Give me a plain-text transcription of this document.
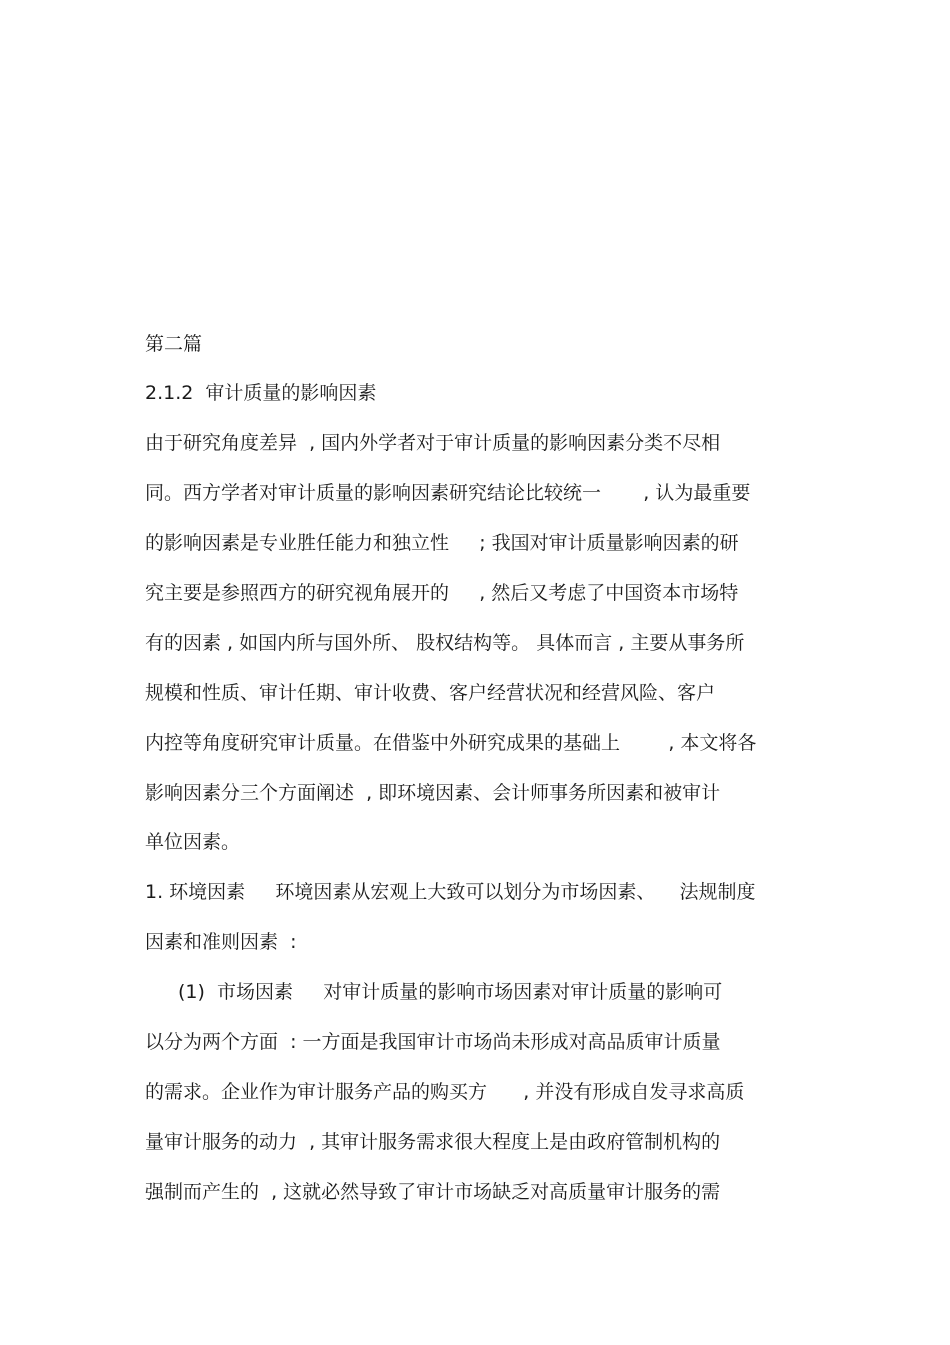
第二篇
2.1.2  审计质量的影响因素
由于研究角度差异  , 国内外学者对于审计质量的影响因素分类不尽相
同。西方学者对审计质量的影响因素研究结论比较统一       , 认为最重要
的影响因素是专业胜任能力和独立性     ; 我国对审计质量影响因素的研
究主要是参照西方的研究视角展开的     , 然后又考虑了中国资本市场特
有的因素 , 如国内所与国外所、 股权结构等。 具体而言 , 主要从事务所
规模和性质、审计任期、审计收费、客户经营状况和经营风险、客户
内控等角度研究审计质量。在借鉴中外研究成果的基础上        , 本文将各
影响因素分三个方面阐述  , 即环境因素、会计师事务所因素和被审计
单位因素。
1. 环境因素     环境因素从宏观上大致可以划分为市场因素、    法规制度
因素和准则因素  :
(1)  市场因素     对审计质量的影响市场因素对审计质量的影响可
以分为两个方面  : 一方面是我国审计市场尚未形成对高品质审计质量
的需求。企业作为审计服务产品的购买方      , 并没有形成自发寻求高质
量审计服务的动力  , 其审计服务需求很大程度上是由政府管制机构的
强制而产生的  , 这就必然导致了审计市场缺乏对高质量审计服务的需
